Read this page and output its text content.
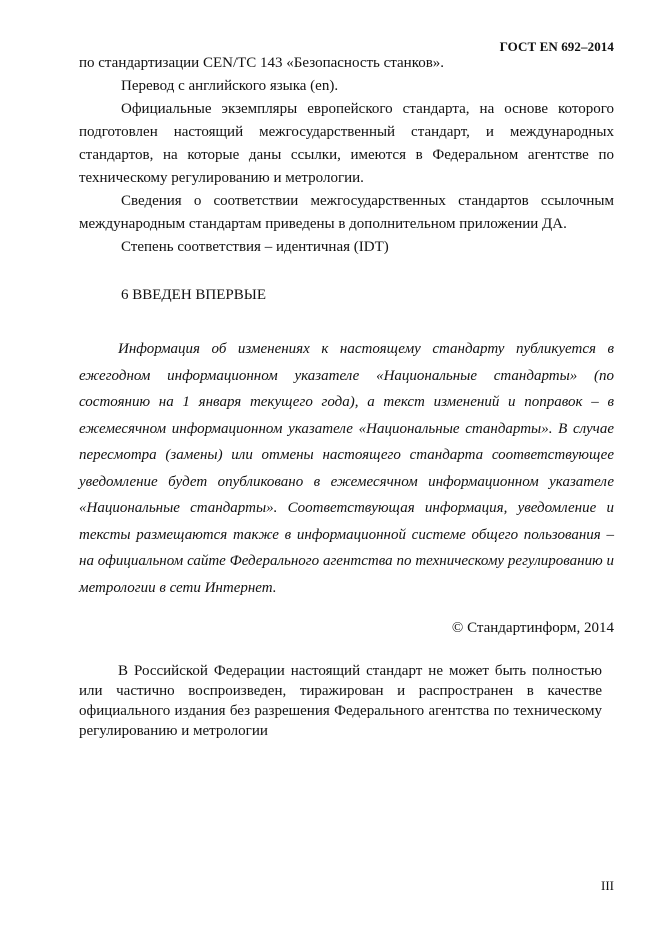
ГОСТ EN 692–2014

по стандартизации CEN/TC 143 «Безопасность станков».

Перевод с английского языка (en).

Официальные экземпляры европейского стандарта, на основе которого подготовлен настоящий межгосударственный стандарт, и международных стандартов, на которые даны ссылки, имеются в Федеральном агентстве по техническому регулированию и метрологии.

Сведения о соответствии межгосударственных стандартов ссылочным международным стандартам приведены в дополнительном приложении ДА.

Степень соответствия – идентичная (IDT)

6 ВВЕДЕН ВПЕРВЫЕ

Информация об изменениях к настоящему стандарту публикуется в ежегодном информационном указателе «Национальные стандарты» (по состоянию на 1 января текущего года), а текст изменений и поправок – в ежемесячном информационном указателе «Национальные стандарты». В случае пересмотра (замены) или отмены настоящего стандарта соответствующее уведомление будет опубликовано в ежемесячном информационном указателе «Национальные стандарты». Соответствующая информация, уведомление и тексты размещаются также в информационной системе общего пользования – на официальном сайте Федерального агентства по техническому регулированию и метрологии в сети Интернет.

© Стандартинформ, 2014

В Российской Федерации настоящий стандарт не может быть полностью или частично воспроизведен, тиражирован и распространен в качестве официального издания без разрешения Федерального агентства по техническому регулированию и метрологии

III
